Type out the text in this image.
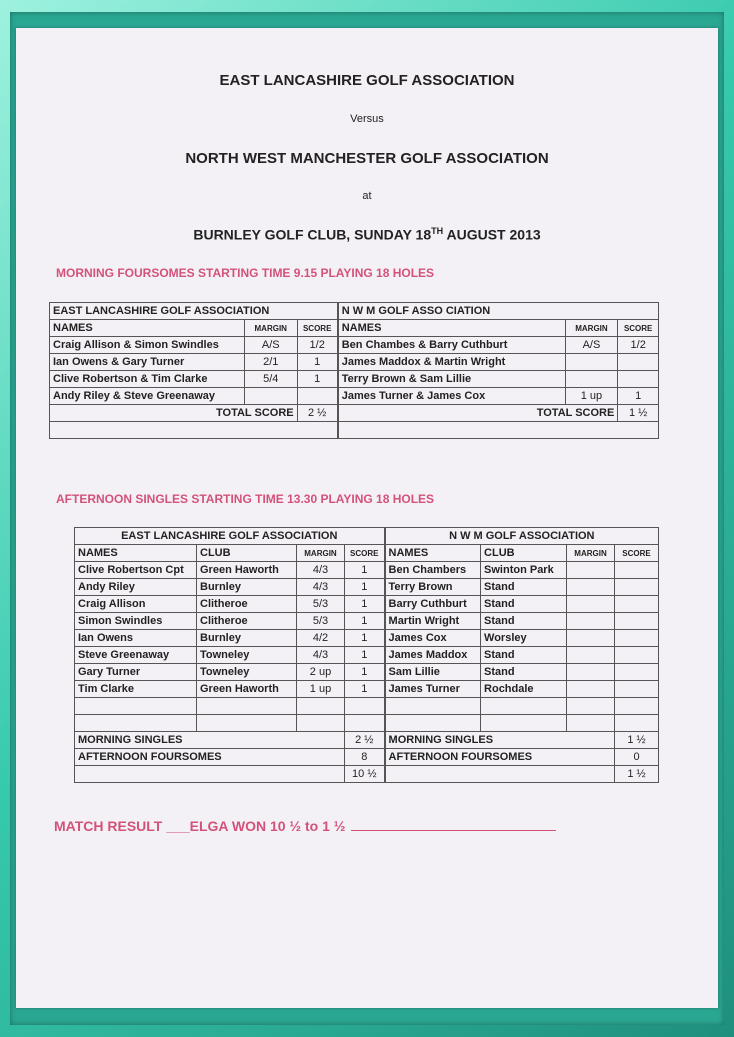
EAST LANCASHIRE GOLF ASSOCIATION
Versus
NORTH WEST MANCHESTER GOLF ASSOCIATION
at
BURNLEY GOLF CLUB, SUNDAY 18TH AUGUST 2013
MORNING FOURSOMES STARTING TIME 9.15 PLAYING 18 HOLES
EAST LANCASHIRE GOLF ASSOCIATION			N W M GOLF ASSO CIATION		
NAMES	MARGIN	SCORE	NAMES	MARGIN	SCORE
Craig Allison & Simon Swindles	A/S	1/2	Ben Chambes & Barry Cuthburt	A/S	1/2
Ian Owens & Gary Turner	2/1	1	James Maddox & Martin Wright		
Clive Robertson & Tim Clarke	5/4	1	Terry Brown & Sam Lillie		
Andy Riley & Steve Greenaway			James Turner & James Cox	1 up	1
TOTAL SCORE		2 ½	TOTAL SCORE		1 ½

AFTERNOON SINGLES STARTING TIME 13.30 PLAYING 18 HOLES
EAST LANCASHIRE GOLF ASSOCIATION				N W M GOLF ASSOCIATION			
NAMES	CLUB	MARGIN	SCORE	NAMES	CLUB	MARGIN	SCORE
Clive Robertson Cpt	Green Haworth	4/3	1	Ben Chambers	Swinton Park		
Andy Riley	Burnley	4/3	1	Terry Brown	Stand		
Craig Allison	Clitheroe	5/3	1	Barry Cuthburt	Stand		
Simon Swindles	Clitheroe	5/3	1	Martin Wright	Stand		
Ian Owens	Burnley	4/2	1	James Cox	Worsley		
Steve Greenaway	Towneley	4/3	1	James Maddox	Stand		
Gary Turner	Towneley	2 up	1	Sam Lillie	Stand		
Tim Clarke	Green Haworth	1 up	1	James Turner	Rochdale		

MORNING SINGLES			2 ½	MORNING SINGLES			1 ½
AFTERNOON FOURSOMES			8	AFTERNOON FOURSOMES			0
			10 ½				1 ½
MATCH RESULT ___ELGA WON 10 ½ to 1 ½
